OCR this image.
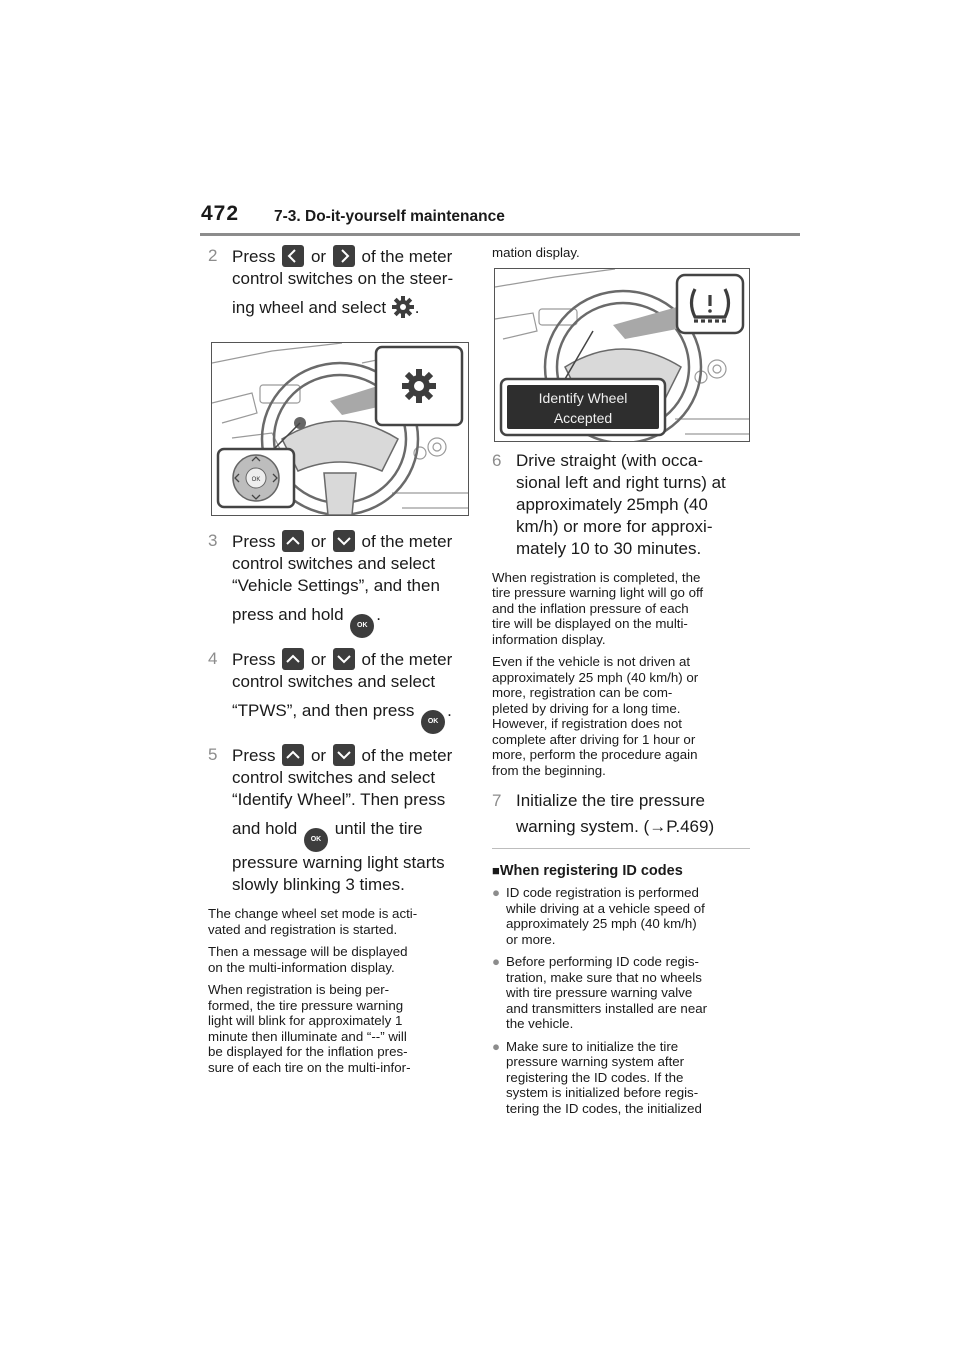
472 7-3. Do-it-yourself maintenance
2 Press or of the meter
control switches on the steer-
ing wheel and select .
OK
3 Press or of the meter
control switches and select
“Vehicle Settings”, and then
press and hold OK.
4 Press or of the meter
control switches and select
“TPWS”, and then press OK.
5 Press or of the meter
control switches and select
“Identify Wheel”. Then press
and hold OK until the tire
pressure warning light starts
slowly blinking 3 times.
The change wheel set mode is acti-
vated and registration is started.
Then a message will be displayed
on the multi-information display.
When registration is being per-
formed, the tire pressure warning
light will blink for approximately 1
minute then illuminate and “--” will
be displayed for the inflation pres-
sure of each tire on the multi-infor-
mation display.
Identify Wheel
Accepted
6 Drive straight (with occa-
sional left and right turns) at
approximately 25mph (40
km/h) or more for approxi-
mately 10 to 30 minutes.
When registration is completed, the
tire pressure warning light will go off
and the inflation pressure of each
tire will be displayed on the multi-
information display.
Even if the vehicle is not driven at
approximately 25 mph (40 km/h) or
more, registration can be com-
pleted by driving for a long time.
However, if registration does not
complete after driving for 1 hour or
more, perform the procedure again
from the beginning.
7 Initialize the tire pressure
warning system. (→P.469)
■When registering ID codes
● ID code registration is performed
while driving at a vehicle speed of
approximately 25 mph (40 km/h)
or more.
● Before performing ID code regis-
tration, make sure that no wheels
with tire pressure warning valve
and transmitters installed are near
the vehicle.
● Make sure to initialize the tire
pressure warning system after
registering the ID codes. If the
system is initialized before regis-
tering the ID codes, the initialized
